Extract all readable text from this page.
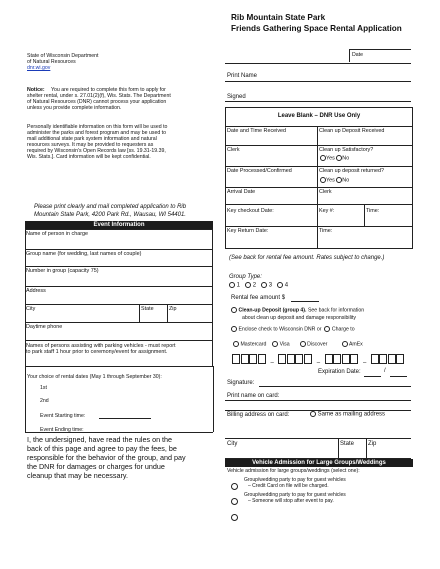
Rib Mountain State Park
Friends Gathering Space Rental Application
Date
Print Name
Signed
State of Wisconsin Department
of Natural Resources
dnr.wi.gov
Notice: You are required to complete this form to apply for
shelter rental, under s. 27.01(2)(f), Wis. Stats. The Department
of Natural Resources (DNR) cannot process your application
unless you provide complete information.
Personally identifiable information on this form will be used to
administer the parks and forest program and may be used to
mail additional state park system information and natural
resources surveys. It may be provided to requesters as
required by Wisconsin's Open Records law [ss. 19.31-19.39,
Wis. Stats.]. Card information will be kept confidential.
Please print clearly and mail completed application to Rib
Mountain State Park, 4200 Park Rd., Wausau, WI 54401.
Event Information
Name of person in charge
Group name (for wedding, last names of couple)
Number in group (capacity 75)
Address
City	State	Zip
Daytime phone
Names of persons assisting with parking vehicles - must report
to park staff 1 hour prior to ceremony/event for assignment.
Your choice of rental dates (May 1 through September 30):
1st
2nd
Event Starting time:
Event Ending time:
I, the undersigned, have read the rules on the
back of this page and agree to pay the fees, be
responsible for the behavior of the group, and pay
the DNR for damages or charges for undue
cleanup that may be necessary.
Leave Blank – DNR Use Only
Date and Time Received	Clean up Deposit Received
Clerk	Clean up Satisfactory?
Yes No
Date Processed/Confirmed	Clean up deposit returned?
Yes No
Arrival Date	Clerk
Key checkout Date:	Key #:	Time:
Key Return Date:	Time:
(See back for rental fee amount. Rates subject to change.)
Group Type:
1 2 3 4
Rental fee amount $
Clean-up Deposit (group 4). See back for information
about clean up deposit and damage responsibility
Enclose check to Wisconsin DNR or Charge to
Mastercard	Visa	Discover	AmEx
–	–	–
Expiration Date:	/
Signature:
Print name on card:
Billing address on card:	Same as mailing address
City	State Zip
Vehicle Admission for Large Groups/Weddings
Vehicle admission for large groups/weddings (select one):
Group/wedding party to pay for guest vehicles
– Credit Card on file will be charged.
Group/wedding party to pay for guest vehicles
– Someone will stop after event to pay.
